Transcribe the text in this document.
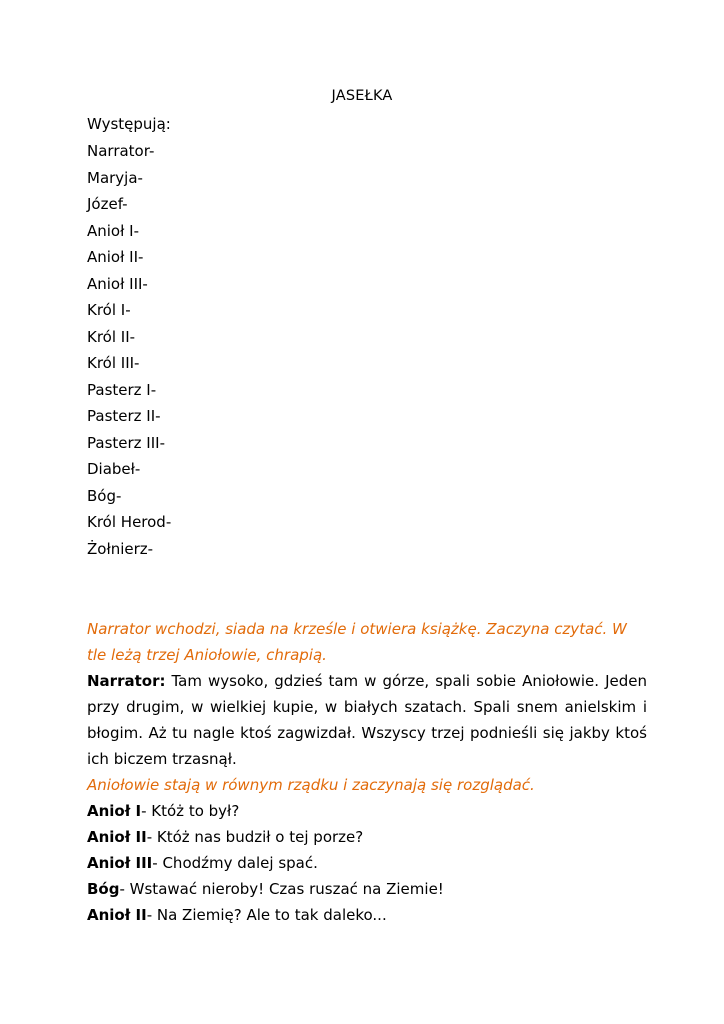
JASEŁKA
Występują:
Narrator-
Maryja-
Józef-
Anioł I-
Anioł II-
Anioł III-
Król I-
Król II-
Król III-
Pasterz I-
Pasterz II-
Pasterz III-
Diabeł-
Bóg-
Król Herod-
Żołnierz-

Narrator wchodzi, siada na krześle i otwiera książkę. Zaczyna czytać. W tle leżą trzej Aniołowie, chrapią.

Narrator: Tam wysoko, gdzieś tam w górze, spali sobie Aniołowie. Jeden przy drugim, w wielkiej kupie, w białych szatach. Spali snem anielskim i błogim. Aż tu nagle ktoś zagwizdał. Wszyscy trzej podnieśli się jakby ktoś ich biczem trzasnął.

Aniołowie stają w równym rządku i zaczynają się rozglądać.

Anioł I- Któż to był?

Anioł II- Któż nas budził o tej porze?

Anioł III- Chodźmy dalej spać.

Bóg- Wstawać nieroby! Czas ruszać na Ziemie!

Anioł II- Na Ziemię? Ale to tak daleko...
